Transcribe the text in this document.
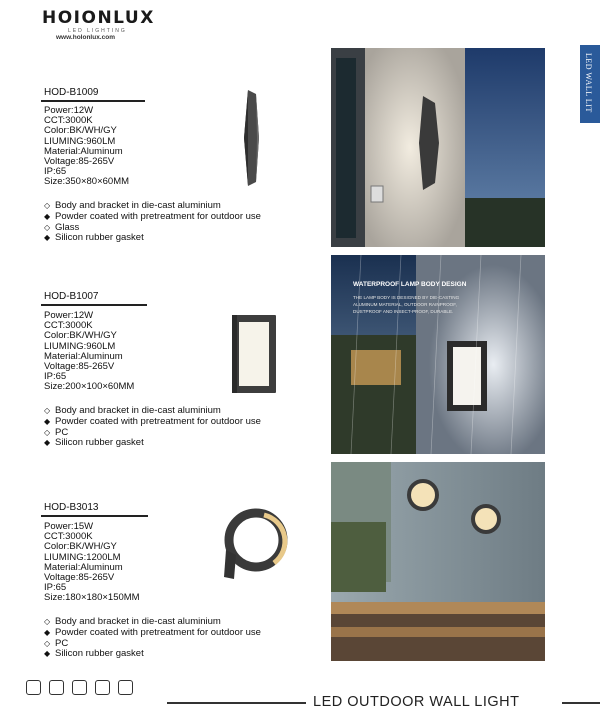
HOIONLUX
LED LIGHTING
www.holonlux.com
LED WALL LIT
HOD-B1009
Power:12W
CCT:3000K
Color:BK/WH/GY
LIUMING:960LM
Material:Aluminum
Voltage:85-265V
IP:65
Size:350×80×60MM
◇ Body and bracket in die-cast aluminium
◆ Powder coated with pretreatment for outdoor use
◇ Glass
◆ Silicon rubber gasket
HOD-B1007
Power:12W
CCT:3000K
Color:BK/WH/GY
LIUMING:960LM
Material:Aluminum
Voltage:85-265V
IP:65
Size:200×100×60MM
◇ Body and bracket in die-cast aluminium
◆ Powder coated with pretreatment for outdoor use
◇ PC
◆ Silicon rubber gasket
WATERPROOF LAMP BODY DESIGN
THE LAMP BODY IS DESIGNED BY DIE-CASTING
ALUMINUM MATERIAL, OUTDOOR RAINPROOF,
DUSTPROOF AND INSECT-PROOF, DURABLE.
HOD-B3013
Power:15W
CCT:3000K
Color:BK/WH/GY
LIUMING:1200LM
Material:Aluminum
Voltage:85-265V
IP:65
Size:180×180×150MM
◇ Body and bracket in die-cast aluminium
◆ Powder coated with pretreatment for outdoor use
◇ PC
◆ Silicon rubber gasket
LED OUTDOOR WALL LIGHT
